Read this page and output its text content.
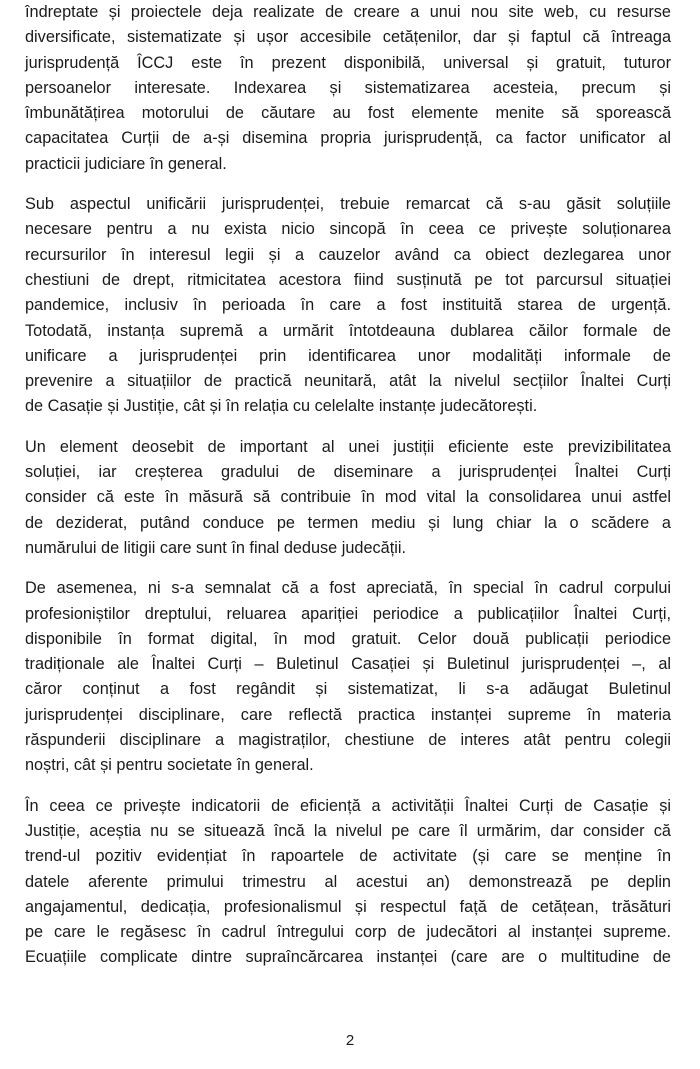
îndreptate și proiectele deja realizate de creare a unui nou site web, cu resurse
diversificate, sistematizate și ușor accesibile cetățenilor, dar și faptul că întreaga
jurisprudență ÎCCJ este în prezent disponibilă, universal și gratuit, tuturor
persoanelor interesate. Indexarea și sistematizarea acesteia, precum și
îmbunătățirea motorului de căutare au fost elemente menite să sporească
capacitatea Curții de a-și disemina propria jurisprudență, ca factor unificator al
practicii judiciare în general.
Sub aspectul unificării jurisprudenței, trebuie remarcat că s-au găsit soluțiile
necesare pentru a nu exista nicio sincopă în ceea ce privește soluționarea
recursurilor în interesul legii și a cauzelor având ca obiect dezlegarea unor
chestiuni de drept, ritmicitatea acestora fiind susținută pe tot parcursul situației
pandemice, inclusiv în perioada în care a fost instituită starea de urgență.
Totodată, instanța supremă a urmărit întotdeauna dublarea căilor formale de
unificare a jurisprudenței prin identificarea unor modalități informale de
prevenire a situațiilor de practică neunitară, atât la nivelul secțiilor Înaltei Curți
de Casație și Justiție, cât și în relația cu celelalte instanțe judecătorești.
Un element deosebit de important al unei justiții eficiente este previzibilitatea
soluției, iar creșterea gradului de diseminare a jurisprudenței Înaltei Curți
consider că este în măsură să contribuie în mod vital la consolidarea unui astfel
de deziderat, putând conduce pe termen mediu și lung chiar la o scădere a
numărului de litigii care sunt în final deduse judecății.
De asemenea, ni s-a semnalat că a fost apreciată, în special în cadrul corpului
profesioniștilor dreptului, reluarea apariției periodice a publicațiilor Înaltei Curți,
disponibile în format digital, în mod gratuit. Celor două publicații periodice
tradiționale ale Înaltei Curți – Buletinul Casației și Buletinul jurisprudenței –, al
căror conținut a fost regândit și sistematizat, li s-a adăugat Buletinul
jurisprudenței disciplinare, care reflectă practica instanței supreme în materia
răspunderii disciplinare a magistraților, chestiune de interes atât pentru colegii
noștri, cât și pentru societate în general.
În ceea ce privește indicatorii de eficiență a activității Înaltei Curți de Casație și
Justiție, aceștia nu se situează încă la nivelul pe care îl urmărim, dar consider că
trend-ul pozitiv evidențiat în rapoartele de activitate (și care se menține în
datele aferente primului trimestru al acestui an) demonstrează pe deplin
angajamentul, dedicația, profesionalismul și respectul față de cetățean, trăsături
pe care le regăsesc în cadrul întregului corp de judecători al instanței supreme.
Ecuațiile complicate dintre supraîncărcarea instanței (care are o multitudine de
2
